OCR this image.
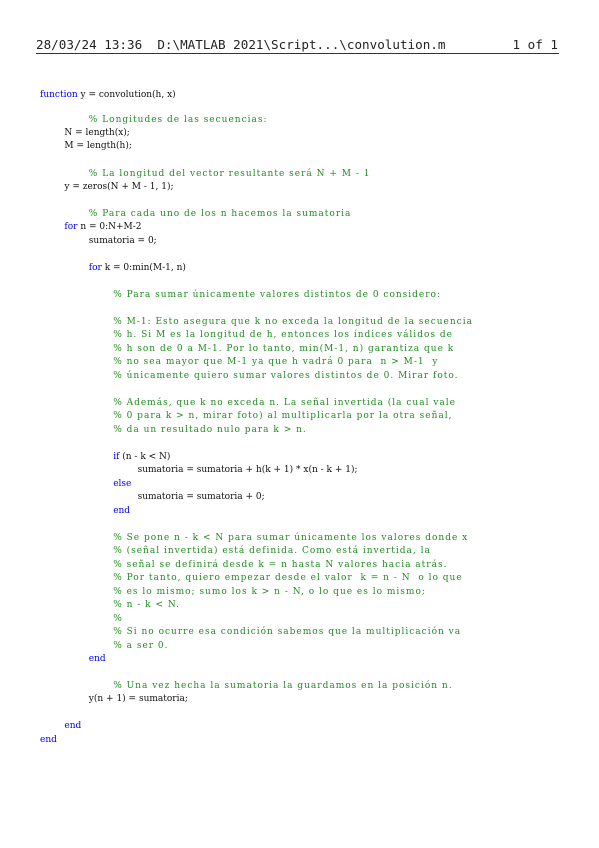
28/03/24 13:36 D:\MATLAB 2021\Script...\convolution.m	1 of 1
function y = convolution(h, x)
% Longitudes de las secuencias:
N = length(x);
M = length(h);
% La longitud del vector resultante será N + M - 1
y = zeros(N + M - 1, 1);
% Para cada uno de los n hacemos la sumatoria
for n = 0:N+M-2
sumatoria = 0;
for k = 0:min(M-1, n)
% Para sumar únicamente valores distintos de 0 considero:
% M-1: Esto asegura que k no exceda la longitud de la secuencia
% h. Si M es la longitud de h, entonces los índices válidos de
% h son de 0 a M-1. Por lo tanto, min(M-1, n) garantiza que k
% no sea mayor que M-1 ya que h vadrá 0 para  n > M-1  y
% únicamente quiero sumar valores distintos de 0. Mirar foto.
% Además, que k no exceda n. La señal invertida (la cual vale
% 0 para k > n, mirar foto) al multiplicarla por la otra señal,
% da un resultado nulo para k > n.
if (n - k < N)
sumatoria = sumatoria + h(k + 1) * x(n - k + 1);
else
sumatoria = sumatoria + 0;
end
% Se pone n - k < N para sumar únicamente los valores donde x
% (señal invertida) está definida. Como está invertida, la
% señal se definirá desde k = n hasta N valores hacia atrás.
% Por tanto, quiero empezar desde el valor  k = n - N  o lo que
% es lo mismo; sumo los k > n - N, o lo que es lo mismo;
% n - k < N.
%
% Si no ocurre esa condición sabemos que la multiplicación va
% a ser 0.
end
% Una vez hecha la sumatoria la guardamos en la posición n.
y(n + 1) = sumatoria;
end
end
